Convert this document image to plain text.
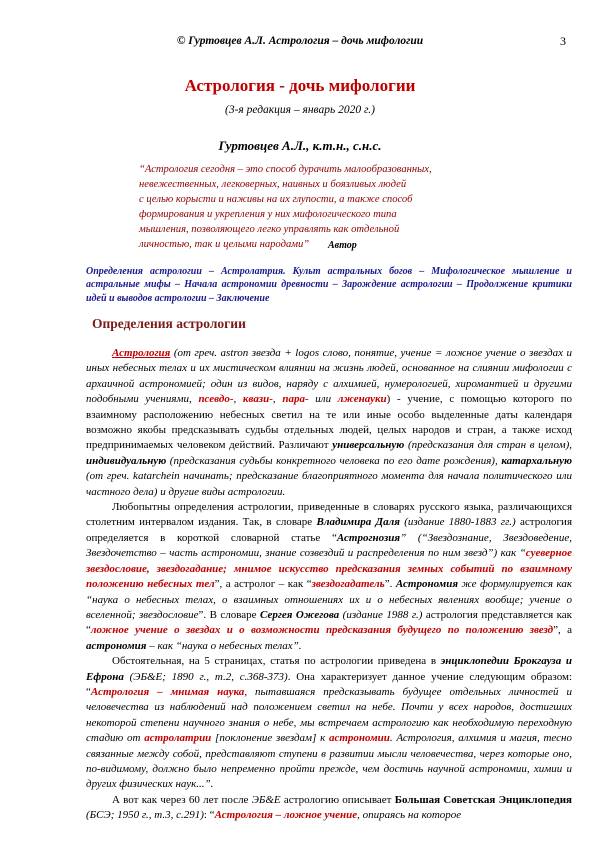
© Гуртовцев А.Л. Астрология – дочь мифологии	3
Астрология - дочь мифологии
(3-я редакция – январь 2020 г.)
Гуртовцев А.Л., к.т.н., с.н.с.
“Астрология сегодня – это способ дурачить малообразованных,
невежественных, легковерных, наивных и боязливых людей
с целью корысти и наживы на их глупости, а также способ
формирования и укрепления у них мифологического типа
мышления, позволяющего легко управлять как отдельной
личностью, так и целыми народами”	Автор
Определения астрологии – Астролатрия. Культ астральных богов – Мифологическое мышление и астральные мифы – Начала астрономии древности – Зарождение астрологии – Продолжение критики идей и выводов астрологии – Заключение
Определения астрологии

Астрология (от греч. astron звезда + logos слово, понятие, учение = ложное учение о звездах и иных небесных телах и их мистическом влиянии на жизнь людей, основанное на слиянии мифологии с архаичной астрономией; один из видов, наряду с алхимией, нумерологией, хиромантией и другими подобными учениями, псевдо-, квази-, пара- или лженауки) - учение, с помощью которого по взаимному расположению небесных светил на те или иные особо выделенные даты календаря возможно якобы предсказывать судьбы отдельных людей, целых народов и стран, а также исход предпринимаемых человеком действий. Различают универсальную (предсказания для стран в целом), индивидуальную (предсказания судьбы конкретного человека по его дате рождения), катархальную (от греч. katarchein начинать; предсказание благоприятного момента для начала политического или частного дела) и другие виды астрологии.

Любопытны определения астрологии, приведенные в словарях русского языка, различающихся столетним интервалом издания. Так, в словаре Владимира Даля (издание 1880-1883 гг.) астрология определяется в короткой словарной статье “Астрогнозия” (“Звездознание, Звездоведение, Звездочетство – часть астрономии, знание созвездий и распределения по ним звезд”) как “суеверное звездословие, звездогадание; мнимое искусство предсказания земных событий по взаимному положению небесных тел”, а астролог – как “звездогадатель”. Астрономия же формулируется как “наука о небесных телах, о взаимных отношениях их и о небесных явлениях вообще; учение о вселенной; звездословие”. В словаре Сергея Ожегова (издание 1988 г.) астрология представляется как “ложное учение о звездах и о возможности предсказания будущего по положению звезд”, а астрономия – как “наука о небесных телах”.

Обстоятельная, на 5 страницах, статья по астрологии приведена в энциклопедии Брокгауза и Ефрона (ЭБ&Е; 1890 г., т.2, с.368-373). Она характеризует данное учение следующим образом: “Астрология – мнимая наука, пытавшаяся предсказывать будущее отдельных личностей и человечества из наблюдений над положением светил на небе. Почти у всех народов, достигших некоторой степени научного знания о небе, мы встречаем астрологию как необходимую переходную стадию от астролатрии [поклонение звездам] к астрономии. Астрология, алхимия и магия, тесно связанные между собой, представляют ступени в развитии мысли человечества, через которые оно, по-видимому, должно было непременно пройти прежде, чем достичь научной астрономии, химии и других физических наук...”.

А вот как через 60 лет после ЭБ&Е астрологию описывает Большая Советская Энциклопедия (БСЭ; 1950 г., т.3, с.291): “Астрология – ложное учение, опираясь на которое
